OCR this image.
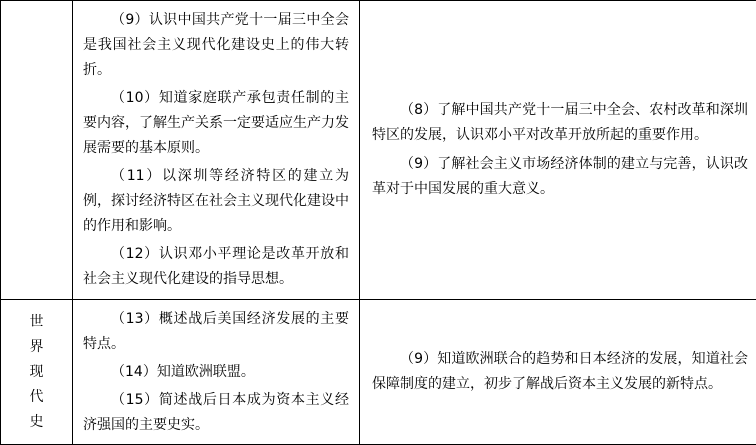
	（9）认识中国共产党十一届三中全会是我国社会主义现代化建设史上的伟大转折。
（10）知道家庭联产承包责任制的主要内容，了解生产关系一定要适应生产力发展需要的基本原则。
（11）以深圳等经济特区的建立为例，探讨经济特区在社会主义现代化建设中的作用和影响。
（12）认识邓小平理论是改革开放和社会主义现代化建设的指导思想。	（8）了解中国共产党十一届三中全会、农村改革和深圳特区的发展，认识邓小平对改革开放所起的重要作用。
（9）了解社会主义市场经济体制的建立与完善，认识改革对于中国发展的重大意义。

世
界
现
代
史	（13）概述战后美国经济发展的主要特点。
（14）知道欧洲联盟。
（15）简述战后日本成为资本主义经济强国的主要史实。	（9）知道欧洲联合的趋势和日本经济的发展，知道社会保障制度的建立，初步了解战后资本主义发展的新特点。
